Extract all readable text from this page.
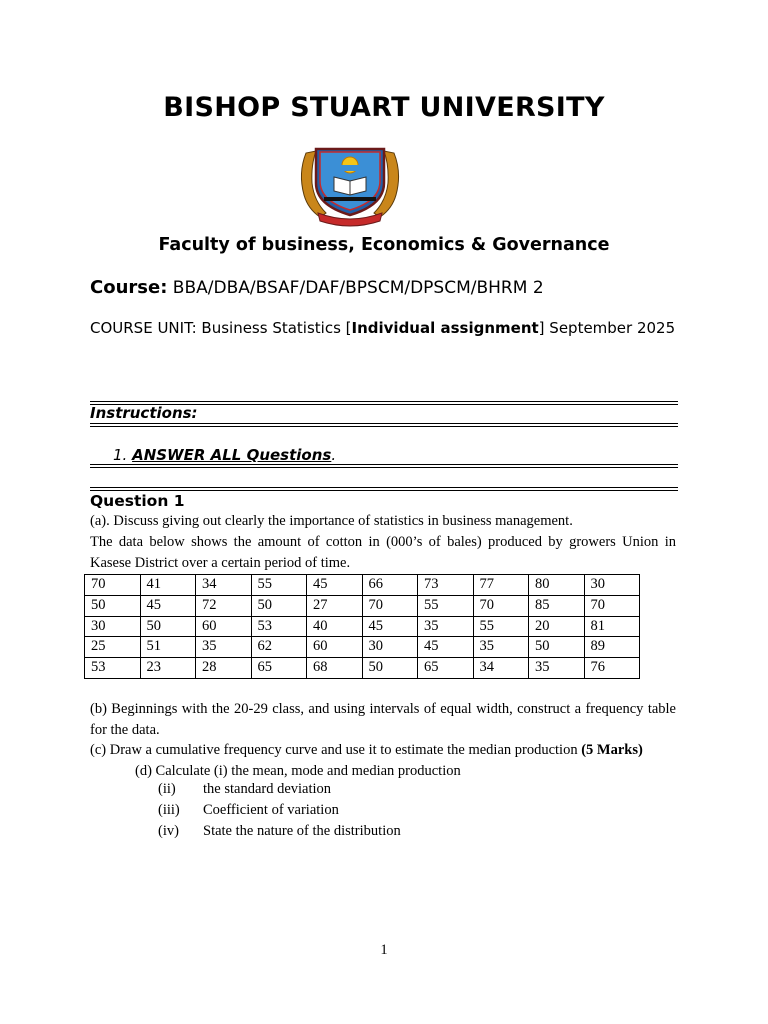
BISHOP STUART UNIVERSITY
Faculty of business, Economics & Governance
Course: BBA/DBA/BSAF/DAF/BPSCM/DPSCM/BHRM 2
COURSE UNIT: Business Statistics [Individual assignment] September 2025
Instructions:
1. ANSWER ALL Questions.
Question 1
(a). Discuss giving out clearly the importance of statistics in business management.
The data below shows the amount of cotton in (000’s of bales) produced by growers Union in Kasese District over a certain period of time.
70	41	34	55	45	66	73	77	80	30
50	45	72	50	27	70	55	70	85	70
30	50	60	53	40	45	35	55	20	81
25	51	35	62	60	30	45	35	50	89
53	23	28	65	68	50	65	34	35	76
(b) Beginnings with the 20-29 class, and using intervals of equal width, construct a frequency table for the data.
(c) Draw a cumulative frequency curve and use it to estimate the median production (5 Marks)
(d) Calculate (i) the mean, mode and median production
(ii) the standard deviation
(iii) Coefficient of variation
(iv) State the nature of the distribution
1
